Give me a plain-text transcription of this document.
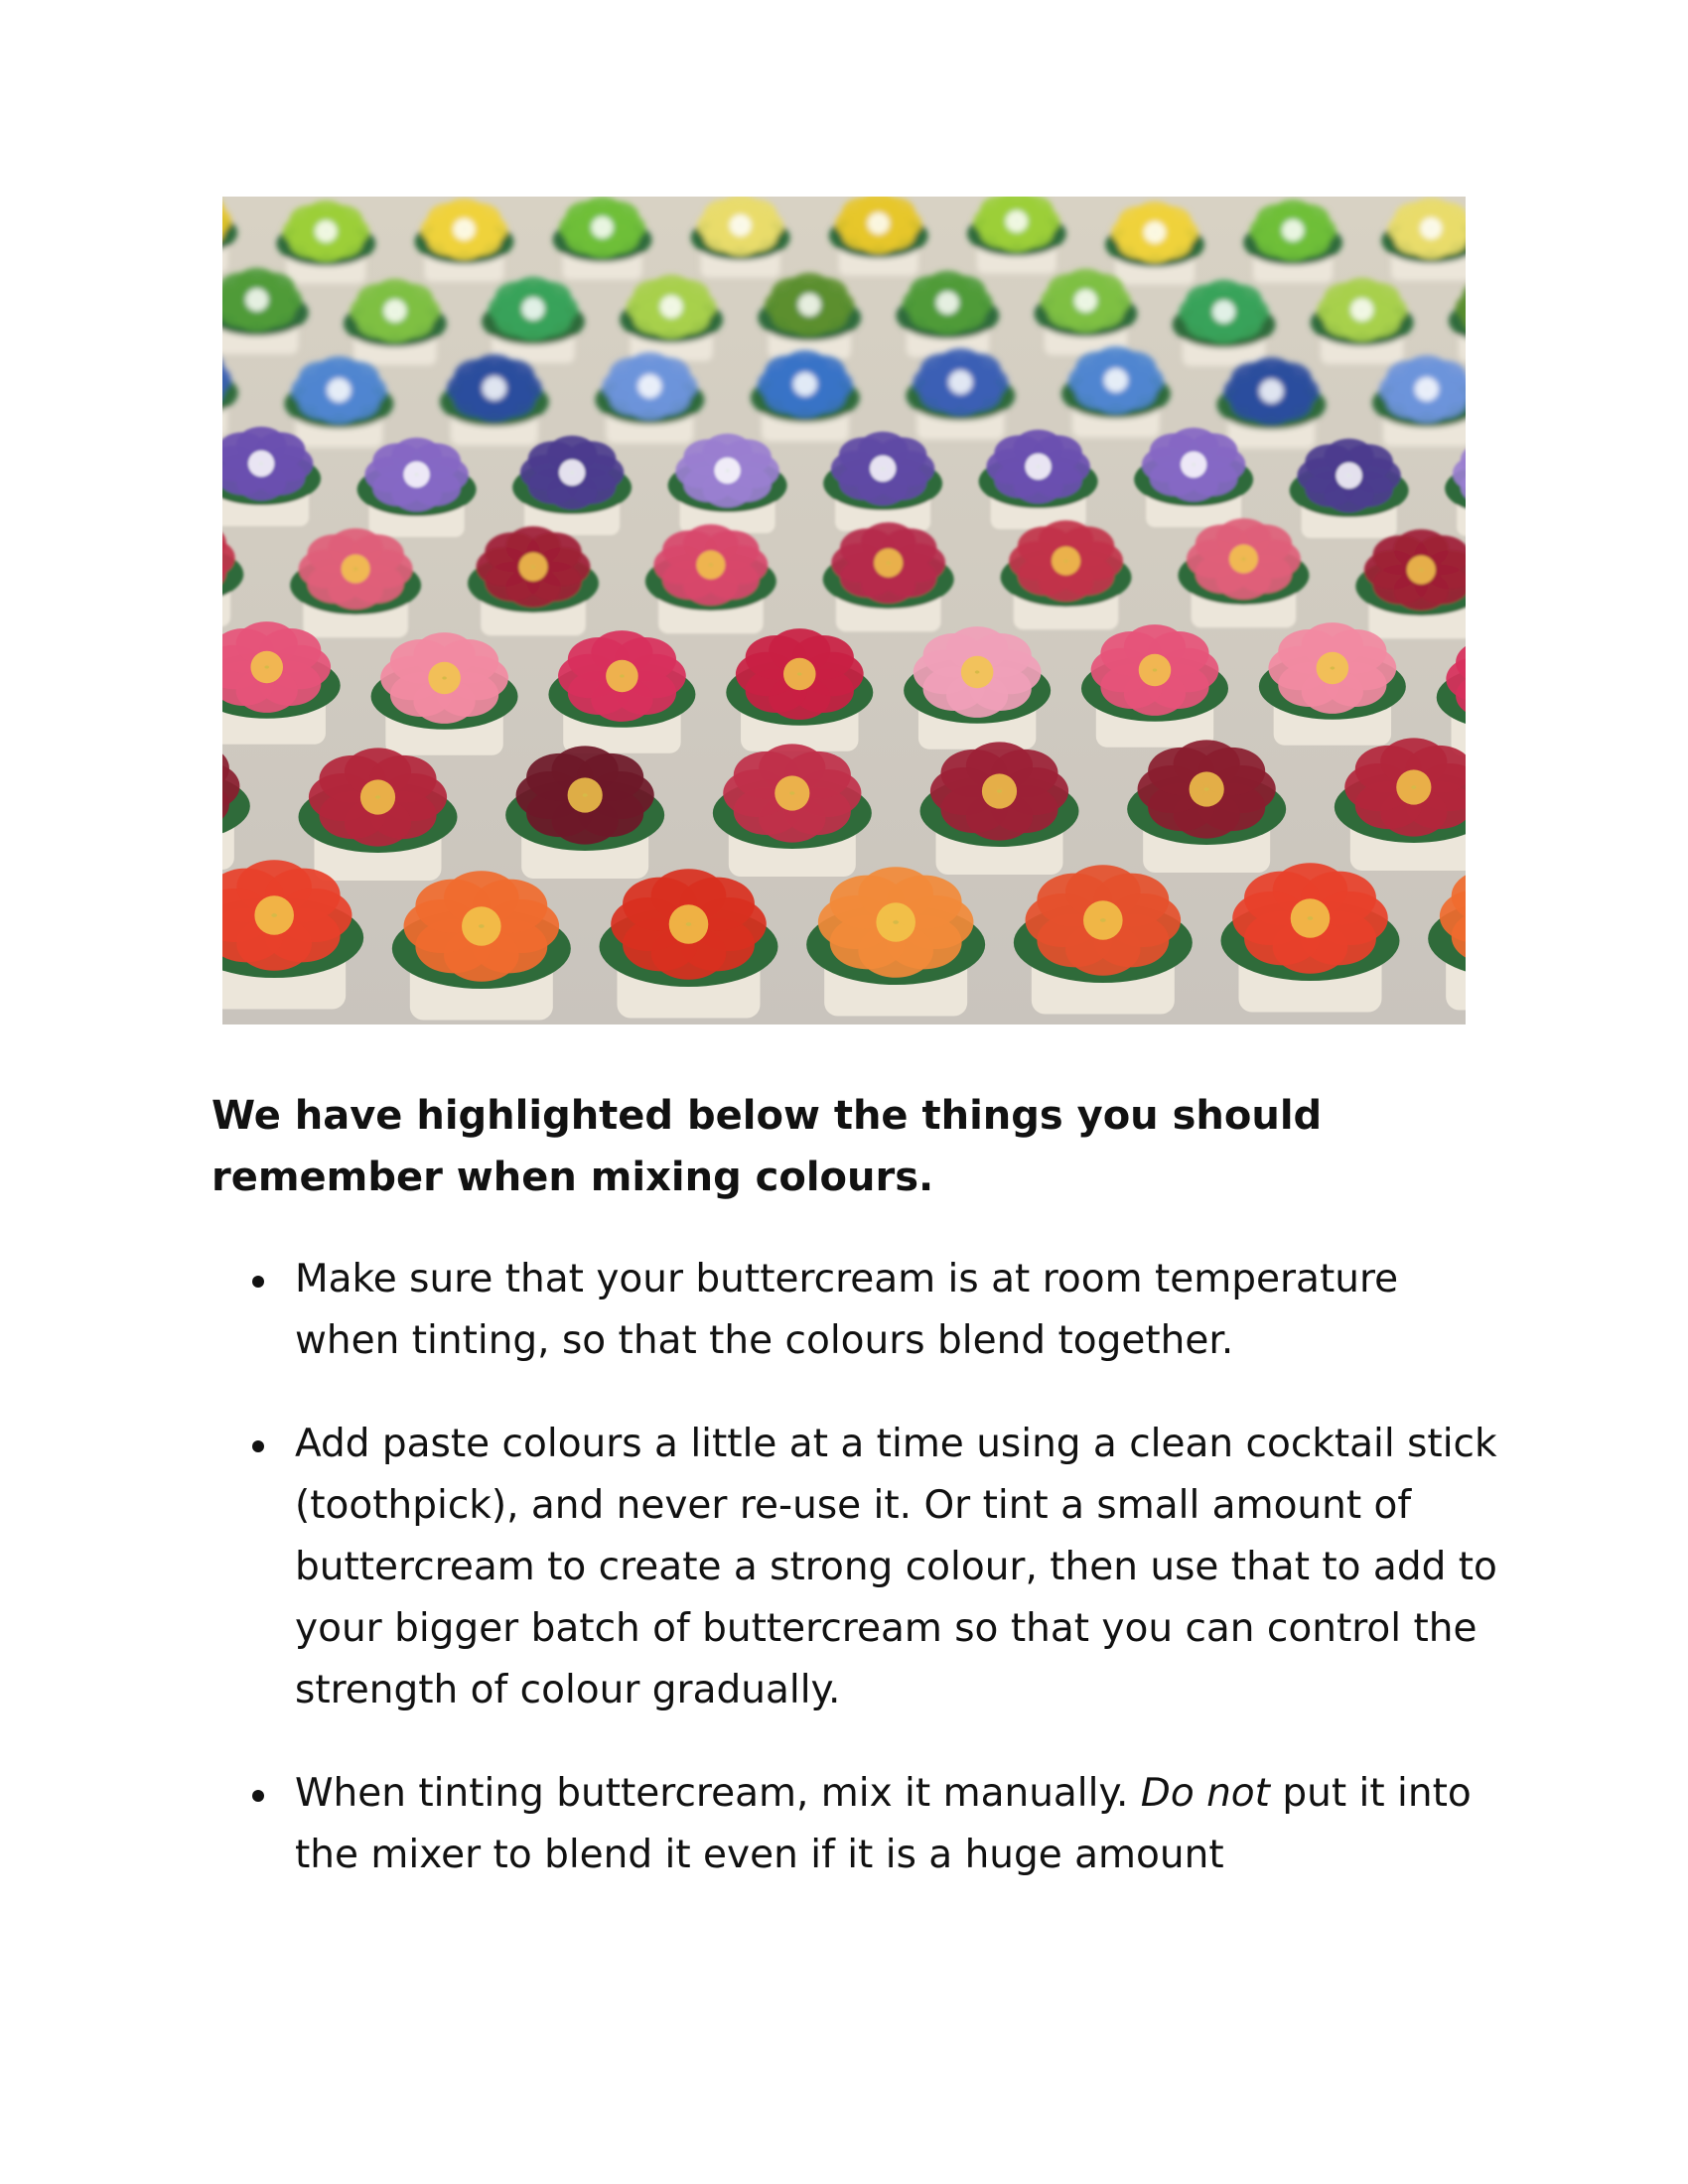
We have highlighted below the things you should remember when mixing colours.

Make sure that your buttercream is at room temperature when tinting, so that the colours blend together.
Add paste colours a little at a time using a clean cocktail stick (toothpick), and never re-use it. Or tint a small amount of buttercream to create a strong colour, then use that to add to your bigger batch of buttercream so that you can control the strength of colour gradually.
When tinting buttercream, mix it manually. Do not put it into the mixer to blend it even if it is a huge amount
